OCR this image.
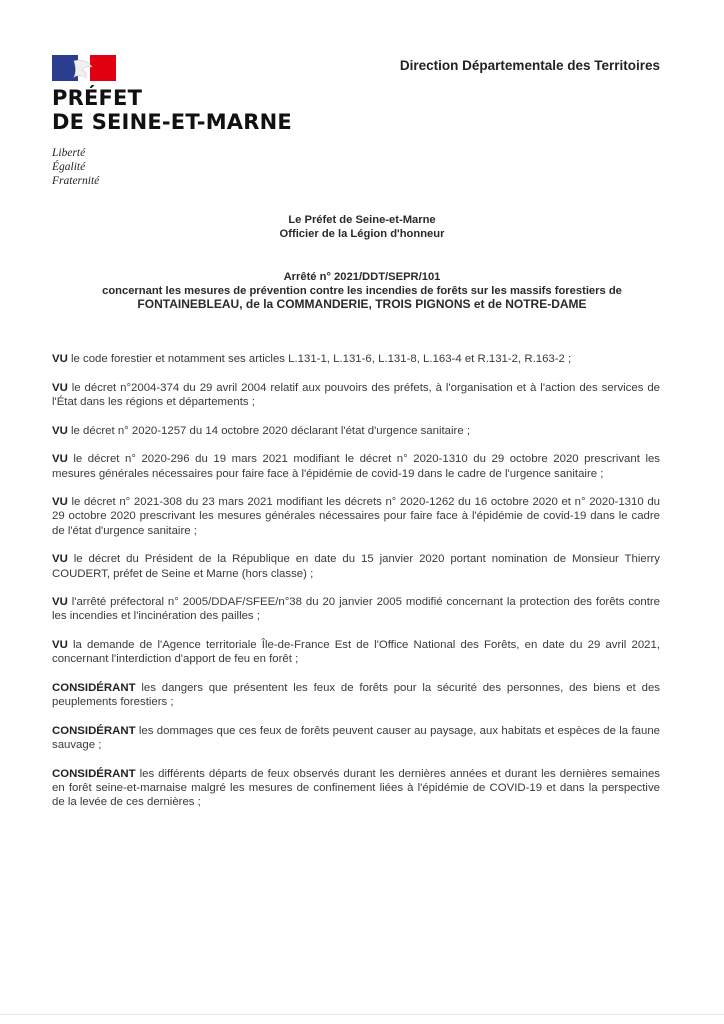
PRÉFET
DE SEINE-ET-MARNE
Liberté
Égalité
Fraternité
Direction Départementale des Territoires
Le Préfet de Seine-et-Marne
Officier de la Légion d'honneur
Arrêté n° 2021/DDT/SEPR/101
concernant les mesures de prévention contre les incendies de forêts sur les massifs forestiers de
FONTAINEBLEAU, de la COMMANDERIE, TROIS PIGNONS et de NOTRE-DAME

VU le code forestier et notamment ses articles L.131-1, L.131-6, L.131-8, L.163-4 et R.131-2, R.163-2 ;

VU le décret n°2004-374 du 29 avril 2004 relatif aux pouvoirs des préfets, à l'organisation et à l'action des services de l'État dans les régions et départements ;

VU le décret n° 2020-1257 du 14 octobre 2020 déclarant l'état d'urgence sanitaire ;

VU le décret n° 2020-296 du 19 mars 2021 modifiant le décret n° 2020-1310 du 29 octobre 2020 prescrivant les mesures générales nécessaires pour faire face à l'épidémie de covid-19 dans le cadre de l'urgence sanitaire ;

VU le décret n° 2021-308 du 23 mars 2021 modifiant les décrets n° 2020-1262 du 16 octobre 2020 et n° 2020-1310 du 29 octobre 2020 prescrivant les mesures générales nécessaires pour faire face à l'épidémie de covid-19 dans le cadre de l'état d'urgence sanitaire ;

VU le décret du Président de la République en date du 15 janvier 2020 portant nomination de Monsieur Thierry COUDERT, préfet de Seine et Marne (hors classe) ;

VU l'arrêté préfectoral n° 2005/DDAF/SFEE/n°38 du 20 janvier 2005 modifié concernant la protection des forêts contre les incendies et l'incinération des pailles ;

VU la demande de l'Agence territoriale Île-de-France Est de l'Office National des Forêts, en date du 29 avril 2021, concernant l'interdiction d'apport de feu en forêt ;

CONSIDÉRANT les dangers que présentent les feux de forêts pour la sécurité des personnes, des biens et des peuplements forestiers ;

CONSIDÉRANT les dommages que ces feux de forêts peuvent causer au paysage, aux habitats et espèces de la faune sauvage ;

CONSIDÉRANT les différents départs de feux observés durant les dernières années et durant les dernières semaines en forêt seine-et-marnaise malgré les mesures de confinement liées à l'épidémie de COVID-19 et dans la perspective de la levée de ces dernières ;
